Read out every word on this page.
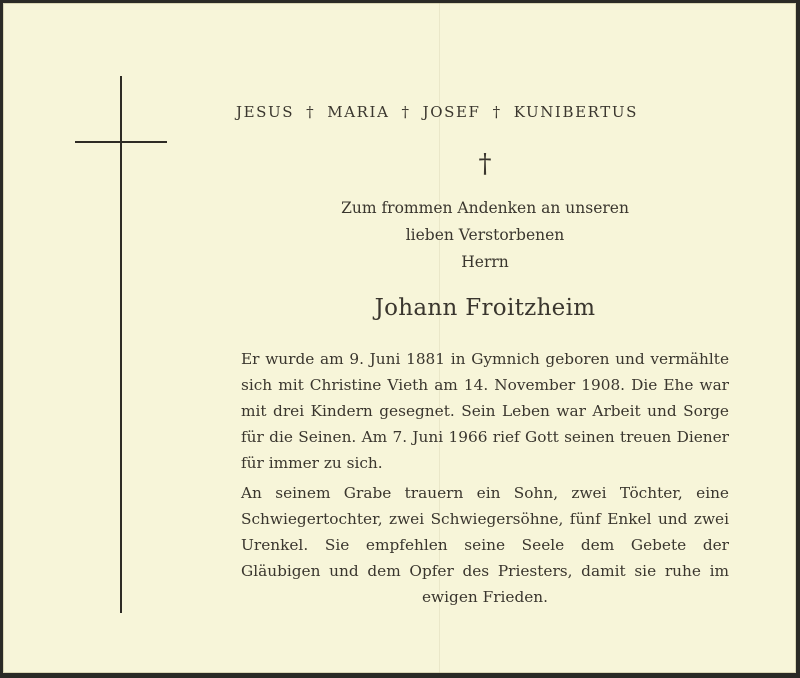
JESUS † MARIA † JOSEF † KUNIBERTUS
†
Zum frommen Andenken an unseren
lieben Verstorbenen
Herrn
Johann Froitzheim
Er wurde am 9. Juni 1881 in Gymnich geboren und vermählte sich mit Christine Vieth am 14. November 1908. Die Ehe war mit drei Kindern gesegnet. Sein Leben war Arbeit und Sorge für die Seinen. Am 7. Juni 1966 rief Gott seinen treuen Diener für immer zu sich.
An seinem Grabe trauern ein Sohn, zwei Töchter, eine Schwiegertochter, zwei Schwiegersöhne, fünf Enkel und zwei Urenkel. Sie empfehlen seine Seele dem Gebete der Gläubigen und dem Opfer des Priesters, damit sie ruhe im ewigen Frieden.
